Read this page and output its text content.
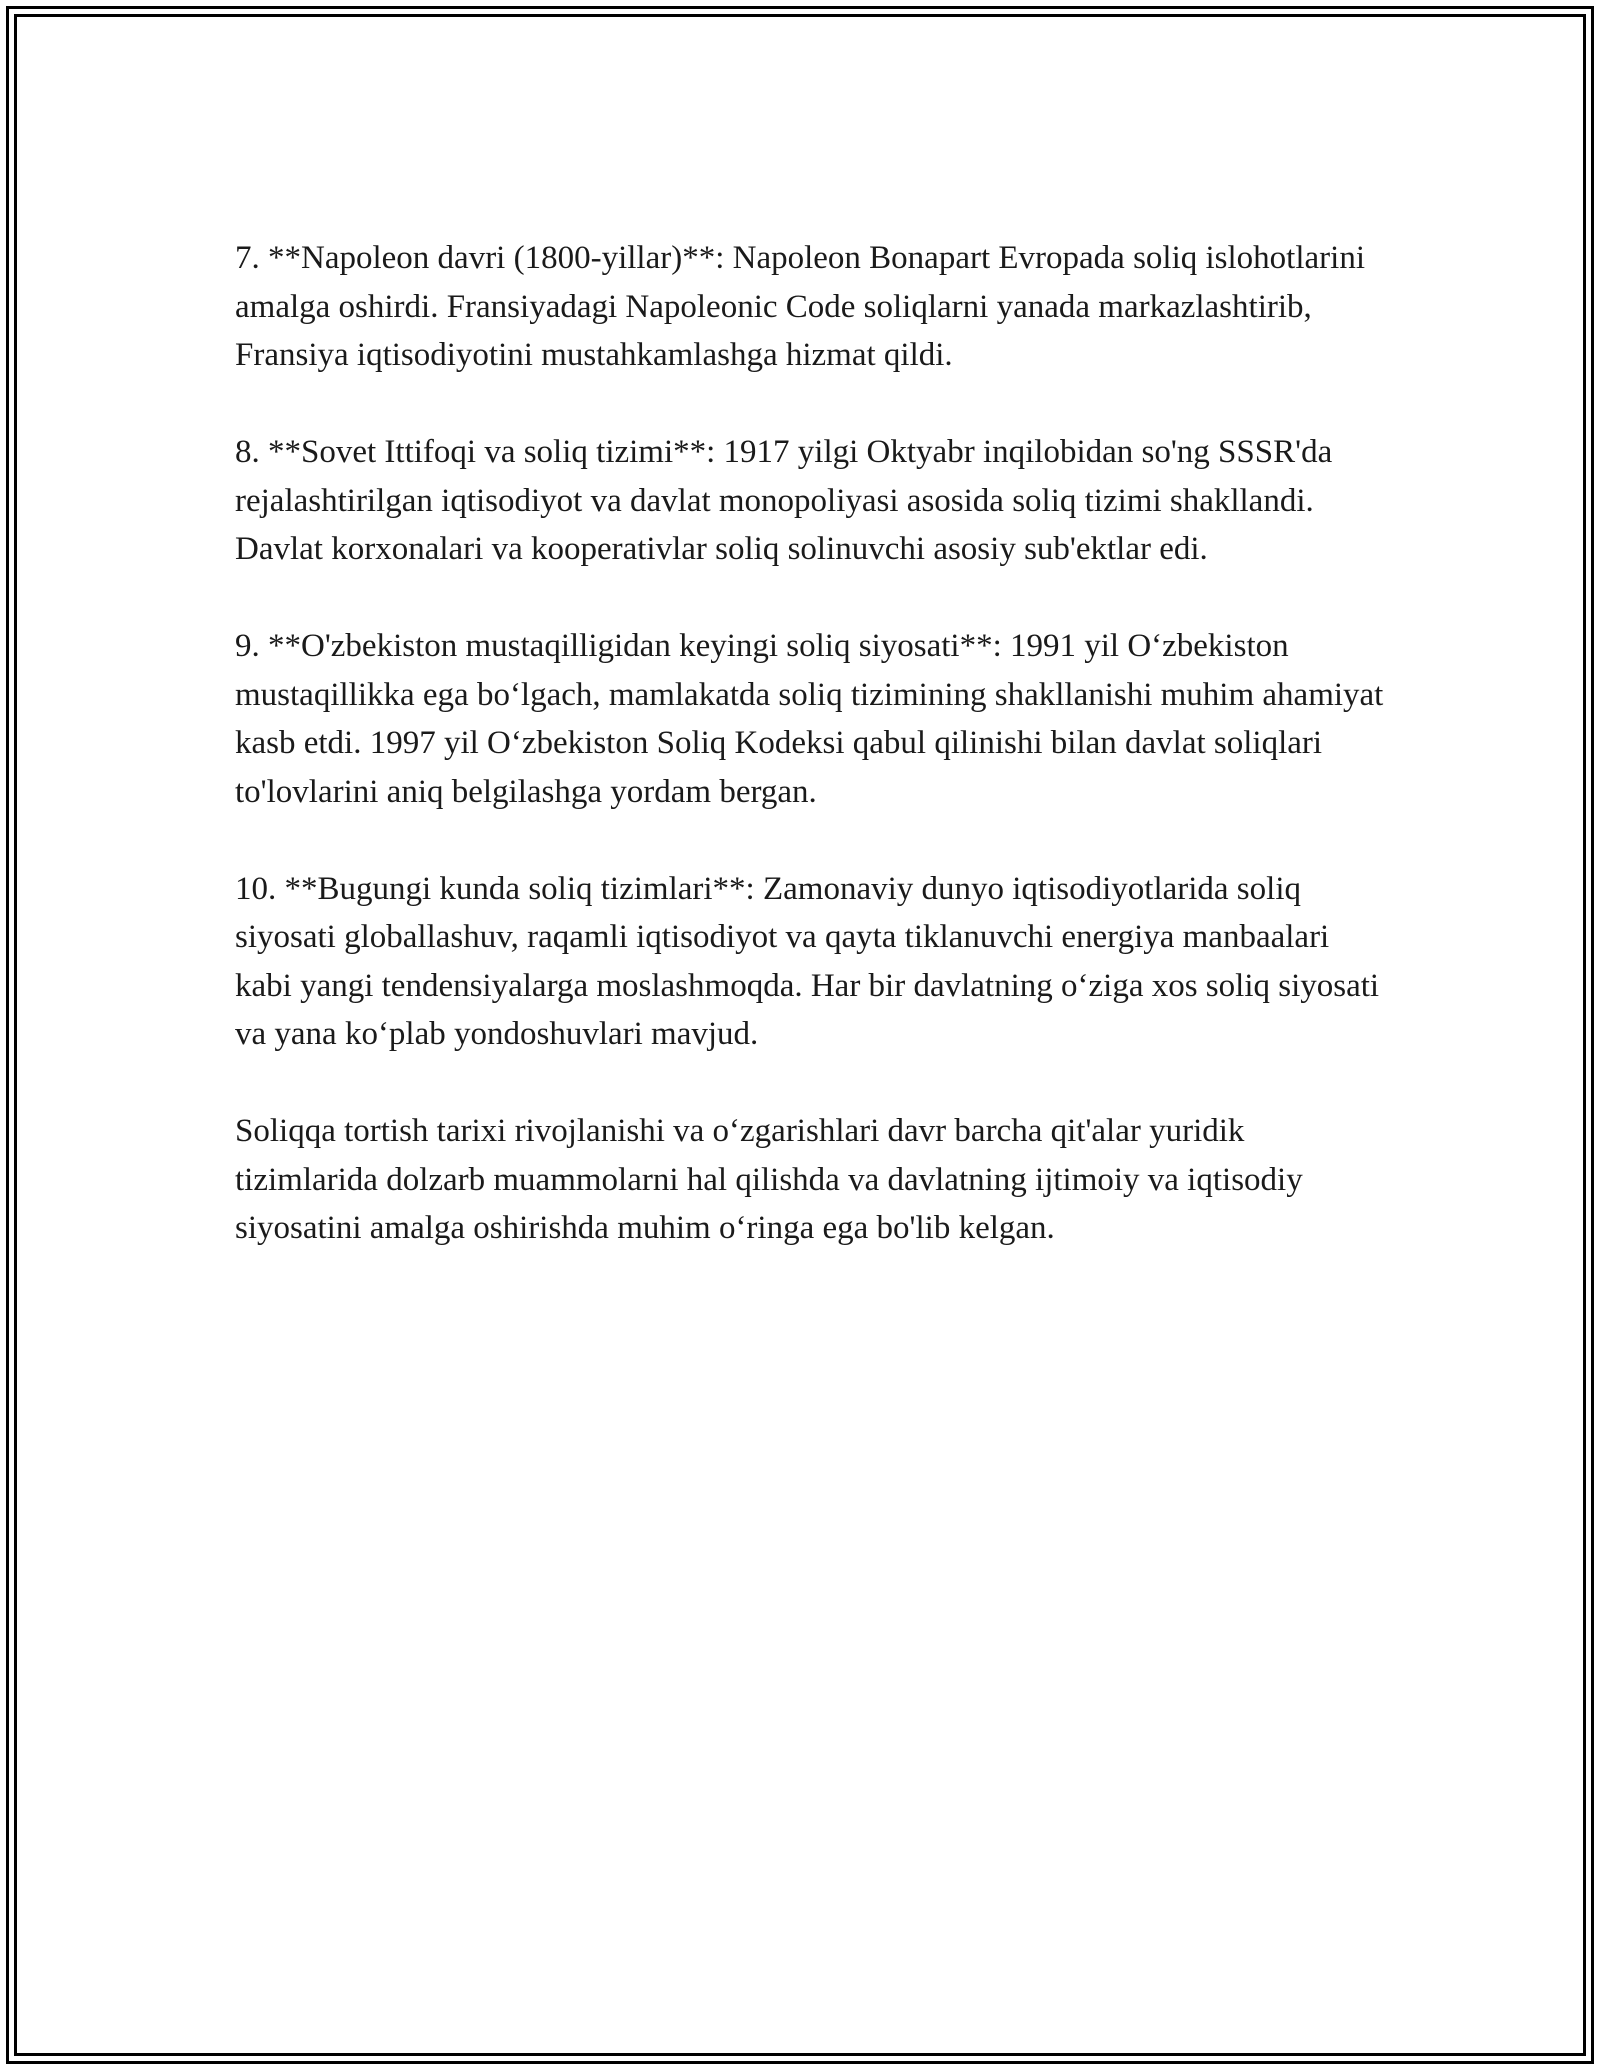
7. **Napoleon davri (1800-yillar)**: Napoleon Bonapart Evropada soliq islohotlarini amalga oshirdi. Fransiyadagi Napoleonic Code soliqlarni yanada markazlashtirib, Fransiya iqtisodiyotini mustahkamlashga hizmat qildi.

8. **Sovet Ittifoqi va soliq tizimi**: 1917 yilgi Oktyabr inqilobidan so'ng SSSR'da rejalashtirilgan iqtisodiyot va davlat monopoliyasi asosida soliq tizimi shakllandi. Davlat korxonalari va kooperativlar soliq solinuvchi asosiy sub'ektlar edi.

9. **O'zbekiston mustaqilligidan keyingi soliq siyosati**: 1991 yil O‘zbekiston mustaqillikka ega bo‘lgach, mamlakatda soliq tizimining shakllanishi muhim ahamiyat kasb etdi. 1997 yil O‘zbekiston Soliq Kodeksi qabul qilinishi bilan davlat soliqlari to'lovlarini aniq belgilashga yordam bergan.

10. **Bugungi kunda soliq tizimlari**: Zamonaviy dunyo iqtisodiyotlarida soliq siyosati globallashuv, raqamli iqtisodiyot va qayta tiklanuvchi energiya manbaalari kabi yangi tendensiyalarga moslashmoqda. Har bir davlatning o‘ziga xos soliq siyosati va yana ko‘plab yondoshuvlari mavjud.

Soliqqa tortish tarixi rivojlanishi va o‘zgarishlari davr barcha qit'alar yuridik tizimlarida dolzarb muammolarni hal qilishda va davlatning ijtimoiy va iqtisodiy siyosatini amalga oshirishda muhim o‘ringa ega bo'lib kelgan.
